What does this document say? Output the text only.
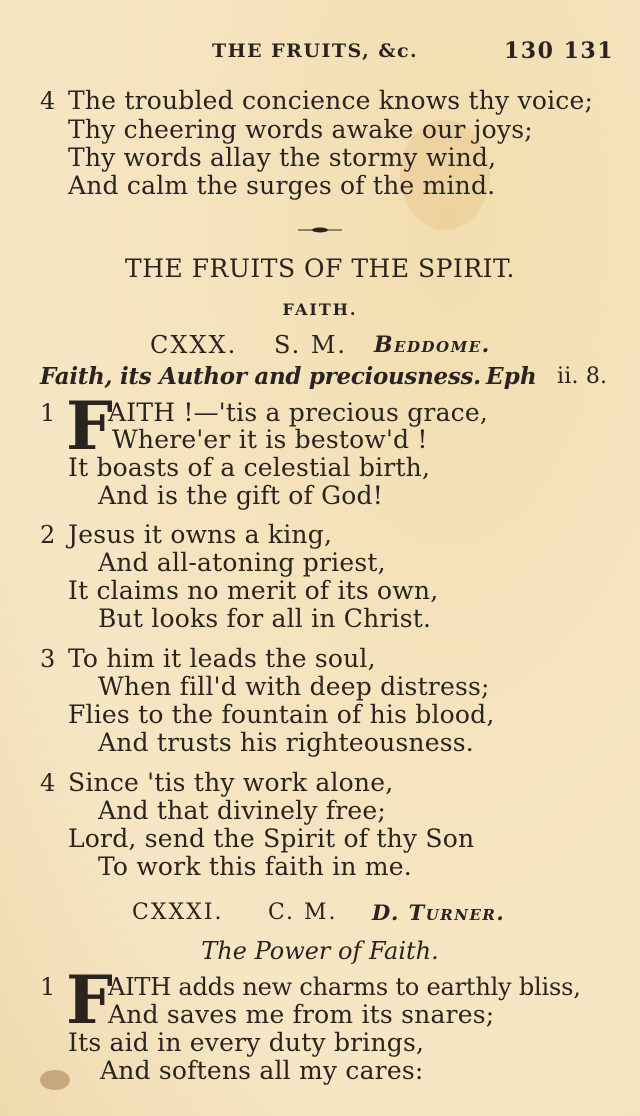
THE FRUITS, &c.	130 131
4 The troubled concience knows thy voice;
Thy cheering words awake our joys;
Thy words allay the stormy wind,
And calm the surges of the mind.
THE FRUITS OF THE SPIRIT.
FAITH.
CXXX. S. M. Beddome.
Faith, its Author and preciousness. Eph ii. 8.
1 F
AITH !—'tis a precious grace,
Where'er it is bestow'd !
It boasts of a celestial birth,
And is the gift of God!
2 Jesus it owns a king,
And all-atoning priest,
It claims no merit of its own,
But looks for all in Christ.
3 To him it leads the soul,
When fill'd with deep distress;
Flies to the fountain of his blood,
And trusts his righteousness.
4 Since 'tis thy work alone,
And that divinely free;
Lord, send the Spirit of thy Son
To work this faith in me.
CXXXI. C. M. D. Turner.
The Power of Faith.
1 F
AITH adds new charms to earthly bliss,
And saves me from its snares;
Its aid in every duty brings,
And softens all my cares:
